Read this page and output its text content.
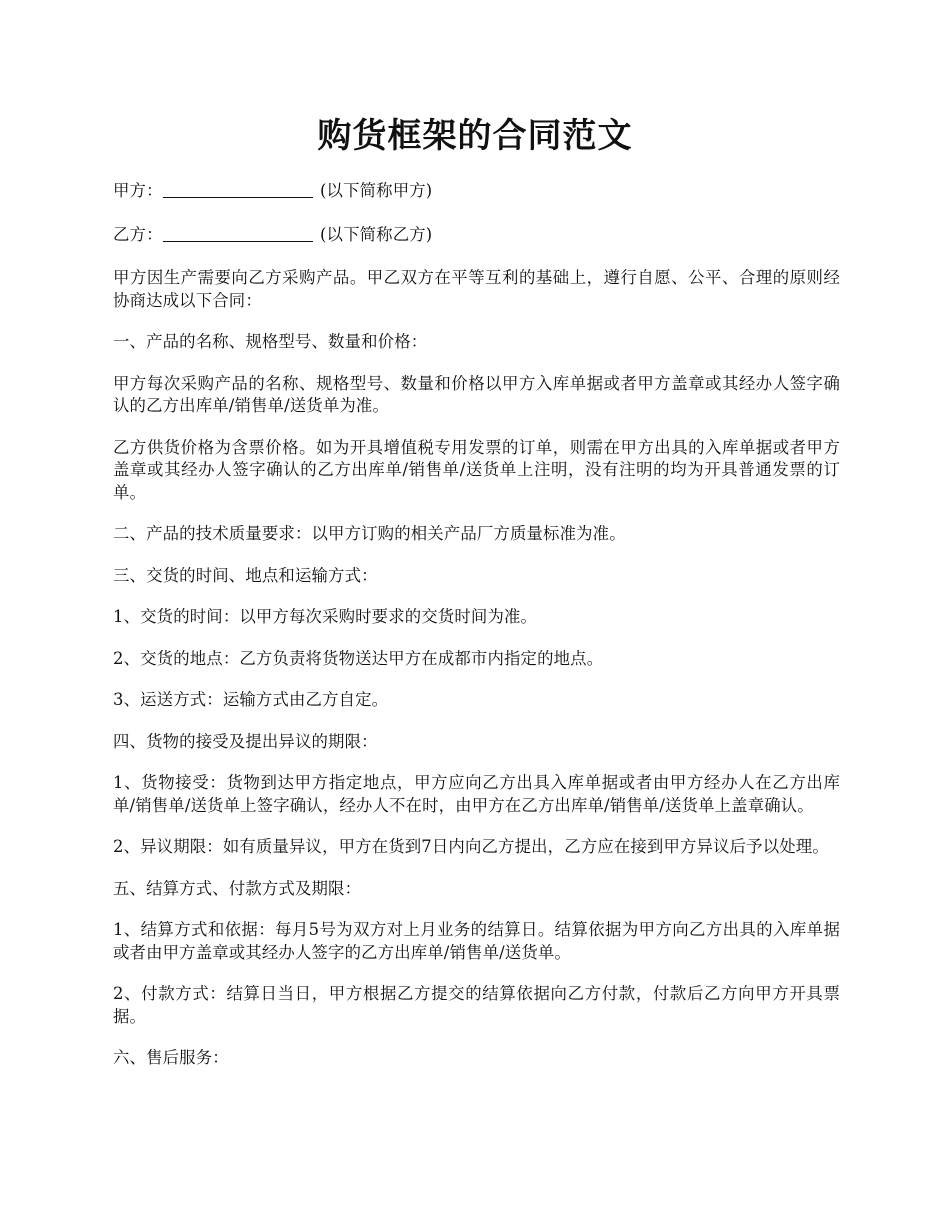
购货框架的合同范文

甲方：	(以下简称甲方)

乙方：	(以下简称乙方)

甲方因生产需要向乙方采购产品。甲乙双方在平等互利的基础上，遵行自愿、公平、合理的原则经协商达成以下合同：

一、产品的名称、规格型号、数量和价格：

甲方每次采购产品的名称、规格型号、数量和价格以甲方入库单据或者甲方盖章或其经办人签字确认的乙方出库单/销售单/送货单为准。

乙方供货价格为含票价格。如为开具增值税专用发票的订单，则需在甲方出具的入库单据或者甲方盖章或其经办人签字确认的乙方出库单/销售单/送货单上注明，没有注明的均为开具普通发票的订单。

二、产品的技术质量要求：以甲方订购的相关产品厂方质量标准为准。

三、交货的时间、地点和运输方式：

1、交货的时间：以甲方每次采购时要求的交货时间为准。

2、交货的地点：乙方负责将货物送达甲方在成都市内指定的地点。

3、运送方式：运输方式由乙方自定。

四、货物的接受及提出异议的期限：

1、货物接受：货物到达甲方指定地点，甲方应向乙方出具入库单据或者由甲方经办人在乙方出库单/销售单/送货单上签字确认，经办人不在时，由甲方在乙方出库单/销售单/送货单上盖章确认。

2、异议期限：如有质量异议，甲方在货到7日内向乙方提出，乙方应在接到甲方异议后予以处理。

五、结算方式、付款方式及期限：

1、结算方式和依据：每月5号为双方对上月业务的结算日。结算依据为甲方向乙方出具的入库单据或者由甲方盖章或其经办人签字的乙方出库单/销售单/送货单。

2、付款方式：结算日当日，甲方根据乙方提交的结算依据向乙方付款，付款后乙方向甲方开具票据。

六、售后服务：
